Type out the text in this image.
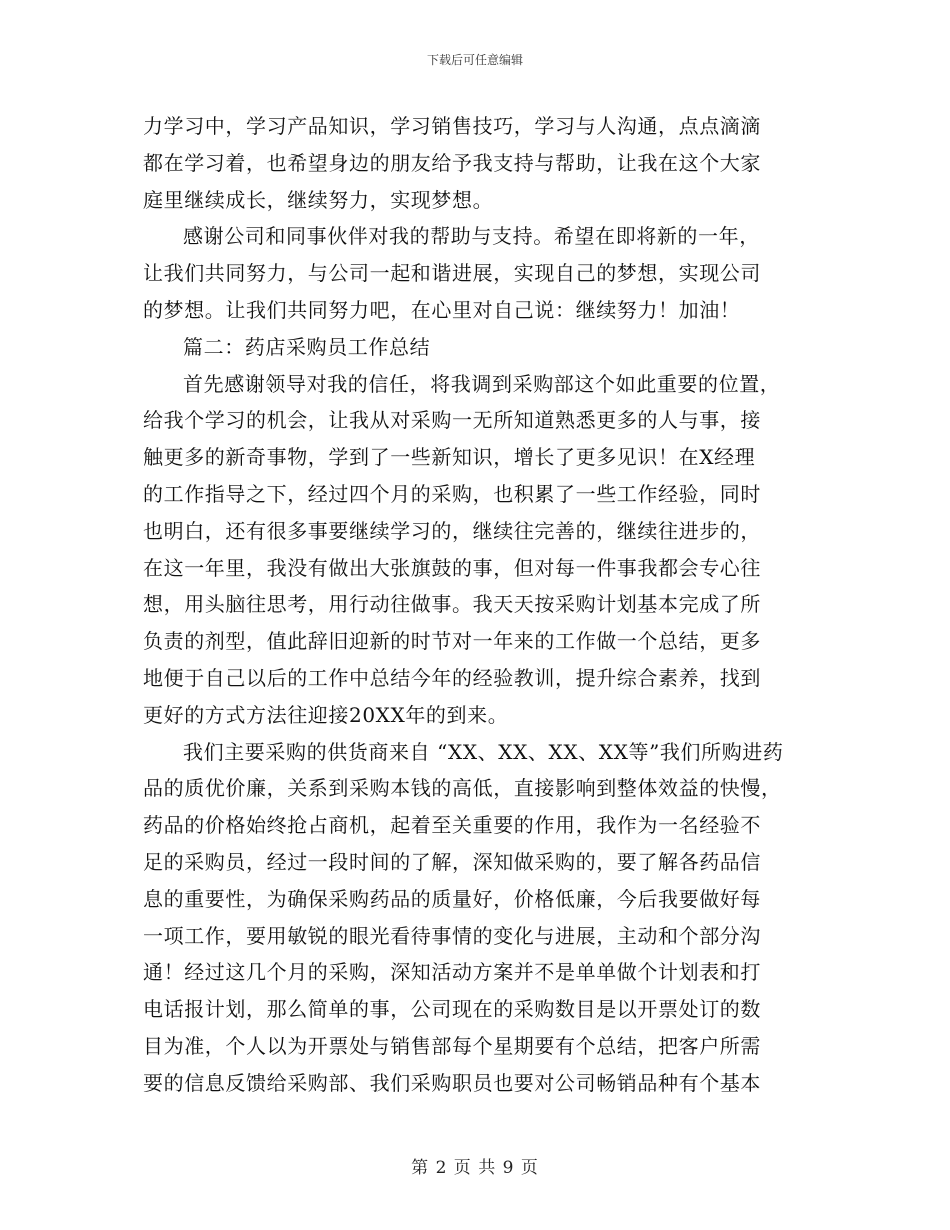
下载后可任意编辑
力学习中，学习产品知识，学习销售技巧，学习与人沟通，点点滴滴
都在学习着，也希望身边的朋友给予我支持与帮助，让我在这个大家
庭里继续成长，继续努力，实现梦想。
感谢公司和同事伙伴对我的帮助与支持。希望在即将新的一年，
让我们共同努力，与公司一起和谐进展，实现自己的梦想，实现公司
的梦想。让我们共同努力吧，在心里对自己说：继续努力！加油！
篇二：药店采购员工作总结
首先感谢领导对我的信任，将我调到采购部这个如此重要的位置，
给我个学习的机会，让我从对采购一无所知道熟悉更多的人与事，接
触更多的新奇事物，学到了一些新知识，增长了更多见识！在X经理
的工作指导之下，经过四个月的采购，也积累了一些工作经验，同时
也明白，还有很多事要继续学习的，继续往完善的，继续往进步的，
在这一年里，我没有做出大张旗鼓的事，但对每一件事我都会专心往
想，用头脑往思考，用行动往做事。我天天按采购计划基本完成了所
负责的剂型，值此辞旧迎新的时节对一年来的工作做一个总结，更多
地便于自己以后的工作中总结今年的经验教训，提升综合素养，找到
更好的方式方法往迎接20XX年的到来。
我们主要采购的供货商来自 “XX、XX、XX、XX等”我们所购进药
品的质优价廉，关系到采购本钱的高低，直接影响到整体效益的快慢，
药品的价格始终抢占商机，起着至关重要的作用，我作为一名经验不
足的采购员，经过一段时间的了解，深知做采购的，要了解各药品信
息的重要性，为确保采购药品的质量好，价格低廉，今后我要做好每
一项工作，要用敏锐的眼光看待事情的变化与进展，主动和个部分沟
通！经过这几个月的采购，深知活动方案并不是单单做个计划表和打
电话报计划，那么简单的事，公司现在的采购数目是以开票处订的数
目为准，个人以为开票处与销售部每个星期要有个总结，把客户所需
要的信息反馈给采购部、我们采购职员也要对公司畅销品种有个基本
第 2 页 共 9 页
